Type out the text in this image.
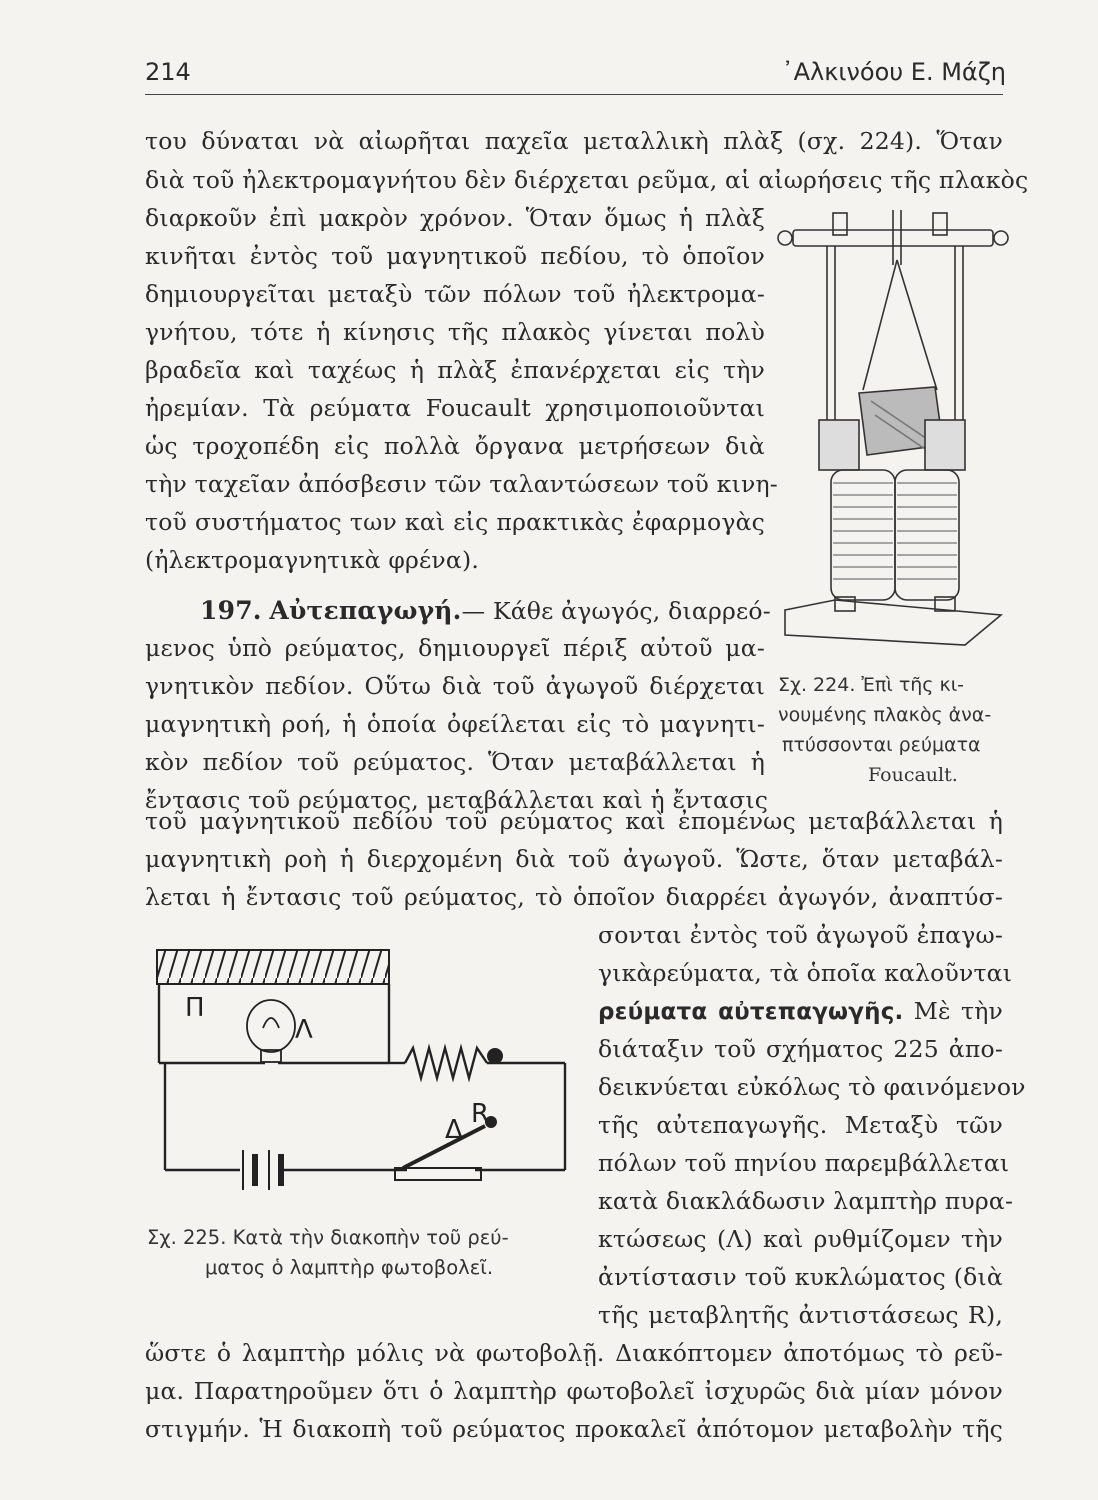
214	᾿Αλκινόου Ε. Μάζη
του δύναται νὰ αἰωρῆται παχεῖα μεταλλικὴ πλὰξ (σχ. 224). Ὅταν
διὰ τοῦ ἠλεκτρομαγνήτου δὲν διέρχεται ρεῦμα, αἱ αἰωρήσεις τῆς πλακὸς
διαρκοῦν ἐπὶ μακρὸν χρόνον. Ὅταν ὅμως ἡ πλὰξ
κινῆται ἐντὸς τοῦ μαγνητικοῦ πεδίου, τὸ ὁποῖον
δημιουργεῖται μεταξὺ τῶν πόλων τοῦ ἠλεκτρομα-
γνήτου, τότε ἡ κίνησις τῆς πλακὸς γίνεται πολὺ
βραδεῖα καὶ ταχέως ἡ πλὰξ ἐπανέρχεται εἰς τὴν
ἠρεμίαν. Τὰ ρεύματα Foucault χρησιμοποιοῦνται
ὡς τροχοπέδη εἰς πολλὰ ὄργανα μετρήσεων διὰ
τὴν ταχεῖαν ἀπόσβεσιν τῶν ταλαντώσεων τοῦ κινη-
τοῦ συστήματος των καὶ εἰς πρακτικὰς ἐφαρμογὰς
(ἠλεκτρομαγνητικὰ φρένα).
197. Αὐτεπαγωγή.— Κάθε ἀγωγός, διαρρεό-
μενος ὑπὸ ρεύματος, δημιουργεῖ πέριξ αὐτοῦ μα-
γνητικὸν πεδίον. Οὕτω διὰ τοῦ ἀγωγοῦ διέρχεται
μαγνητικὴ ροή, ἡ ὁποία ὀφείλεται εἰς τὸ μαγνητι-
κὸν πεδίον τοῦ ρεύματος. Ὅταν μεταβάλλεται ἡ
ἔντασις τοῦ ρεύματος, μεταβάλλεται καὶ ἡ ἔντασις
Σχ. 224. Ἐπὶ τῆς κι-
νουμένης πλακὸς ἀνα-
πτύσσονται ρεύματα
Foucault.
τοῦ μαγνητικοῦ πεδίου τοῦ ρεύματος καὶ ἐπομένως μεταβάλλεται ἡ
μαγνητικὴ ροὴ ἡ διερχομένη διὰ τοῦ ἀγωγοῦ. Ὥστε, ὅταν μεταβάλ-
λεται ἡ ἔντασις τοῦ ρεύματος, τὸ ὁποῖον διαρρέει ἀγωγόν, ἀναπτύσ-
σονται ἐντὸς τοῦ ἀγωγοῦ ἐπαγω-
γικὰρεύματα, τὰ ὁποῖα καλοῦνται
ρεύματα αὐτεπαγωγῆς. Μὲ τὴν
διάταξιν τοῦ σχήματος 225 ἀπο-
δεικνύεται εὐκόλως τὸ φαινόμενον
τῆς αὐτεπαγωγῆς. Μεταξὺ τῶν
πόλων τοῦ πηνίου παρεμβάλλεται
κατὰ διακλάδωσιν λαμπτὴρ πυρα-
κτώσεως (Λ) καὶ ρυθμίζομεν τὴν
ἀντίστασιν τοῦ κυκλώματος (διὰ
τῆς μεταβλητῆς ἀντιστάσεως R),
Π
Λ
R
Δ
Σχ. 225. Κατὰ τὴν διακοπὴν τοῦ ρεύ-
ματος ὁ λαμπτὴρ φωτοβολεῖ.
ὥστε ὁ λαμπτὴρ μόλις νὰ φωτοβολῇ. Διακόπτομεν ἀποτόμως τὸ ρεῦ-
μα. Παρατηροῦμεν ὅτι ὁ λαμπτὴρ φωτοβολεῖ ἰσχυρῶς διὰ μίαν μόνον
στιγμήν. Ἡ διακοπὴ τοῦ ρεύματος προκαλεῖ ἀπότομον μεταβολὴν τῆς
